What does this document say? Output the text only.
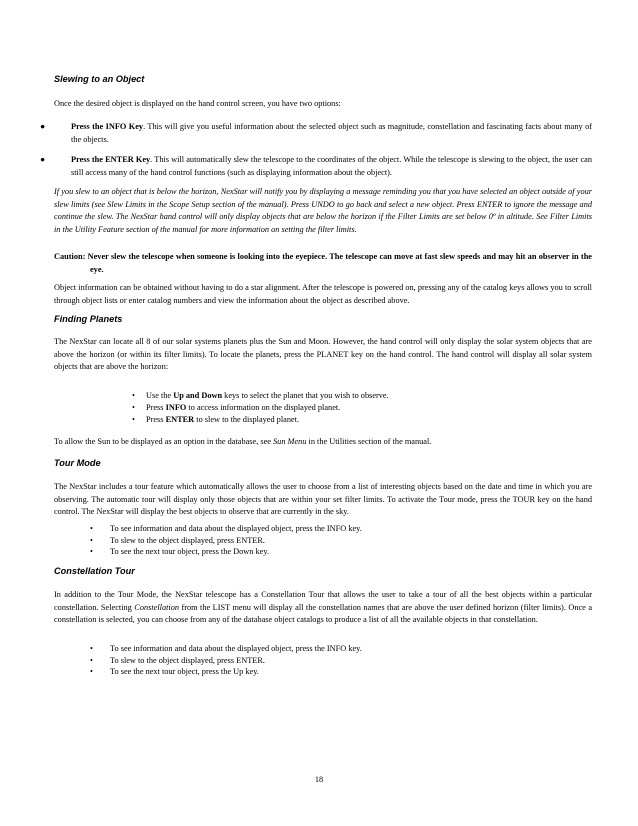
Slewing to an Object
Once the desired object is displayed on the hand control screen, you have two options:
●	Press the INFO Key. This will give you useful information about the selected object such as magnitude, constellation and fascinating facts about many of the objects.
●	Press the ENTER Key. This will automatically slew the telescope to the coordinates of the object. While the telescope is slewing to the object, the user can still access many of the hand control functions (such as displaying information about the object).
If you slew to an object that is below the horizon, NexStar will notify you by displaying a message reminding you that you have selected an object outside of your slew limits (see Slew Limits in the Scope Setup section of the manual). Press UNDO to go back and select a new object. Press ENTER to ignore the message and continue the slew. The NexStar hand control will only display objects that are below the horizon if the Filter Limits are set below 0º in altitude. See Filter Limits in the Utility Feature section of the manual for more information on setting the filter limits.
Caution: Never slew the telescope when someone is looking into the eyepiece. The telescope can move at fast slew speeds and may hit an observer in the eye.
Object information can be obtained without having to do a star alignment. After the telescope is powered on, pressing any of the catalog keys allows you to scroll through object lists or enter catalog numbers and view the information about the object as described above.
Finding Planets
The NexStar can locate all 8 of our solar systems planets plus the Sun and Moon. However, the hand control will only display the solar system objects that are above the horizon (or within its filter limits). To locate the planets, press the PLANET key on the hand control. The hand control will display all solar system objects that are above the horizon:
•	Use the Up and Down keys to select the planet that you wish to observe.
•	Press INFO to access information on the displayed planet.
•	Press ENTER to slew to the displayed planet.
To allow the Sun to be displayed as an option in the database, see Sun Menu in the Utilities section of the manual.
Tour Mode
The NexStar includes a tour feature which automatically allows the user to choose from a list of interesting objects based on the date and time in which you are observing. The automatic tour will display only those objects that are within your set filter limits. To activate the Tour mode, press the TOUR key on the hand control. The NexStar will display the best objects to observe that are currently in the sky.
•	To see information and data about the displayed object, press the INFO key.
•	To slew to the object displayed, press ENTER.
•	To see the next tour object, press the Down key.
Constellation Tour
In addition to the Tour Mode, the NexStar telescope has a Constellation Tour that allows the user to take a tour of all the best objects within a particular constellation. Selecting Constellation from the LIST menu will display all the constellation names that are above the user defined horizon (filter limits). Once a constellation is selected, you can choose from any of the database object catalogs to produce a list of all the available objects in that constellation.
•	To see information and data about the displayed object, press the INFO key.
•	To slew to the object displayed, press ENTER.
•	To see the next tour object, press the Up key.
18
